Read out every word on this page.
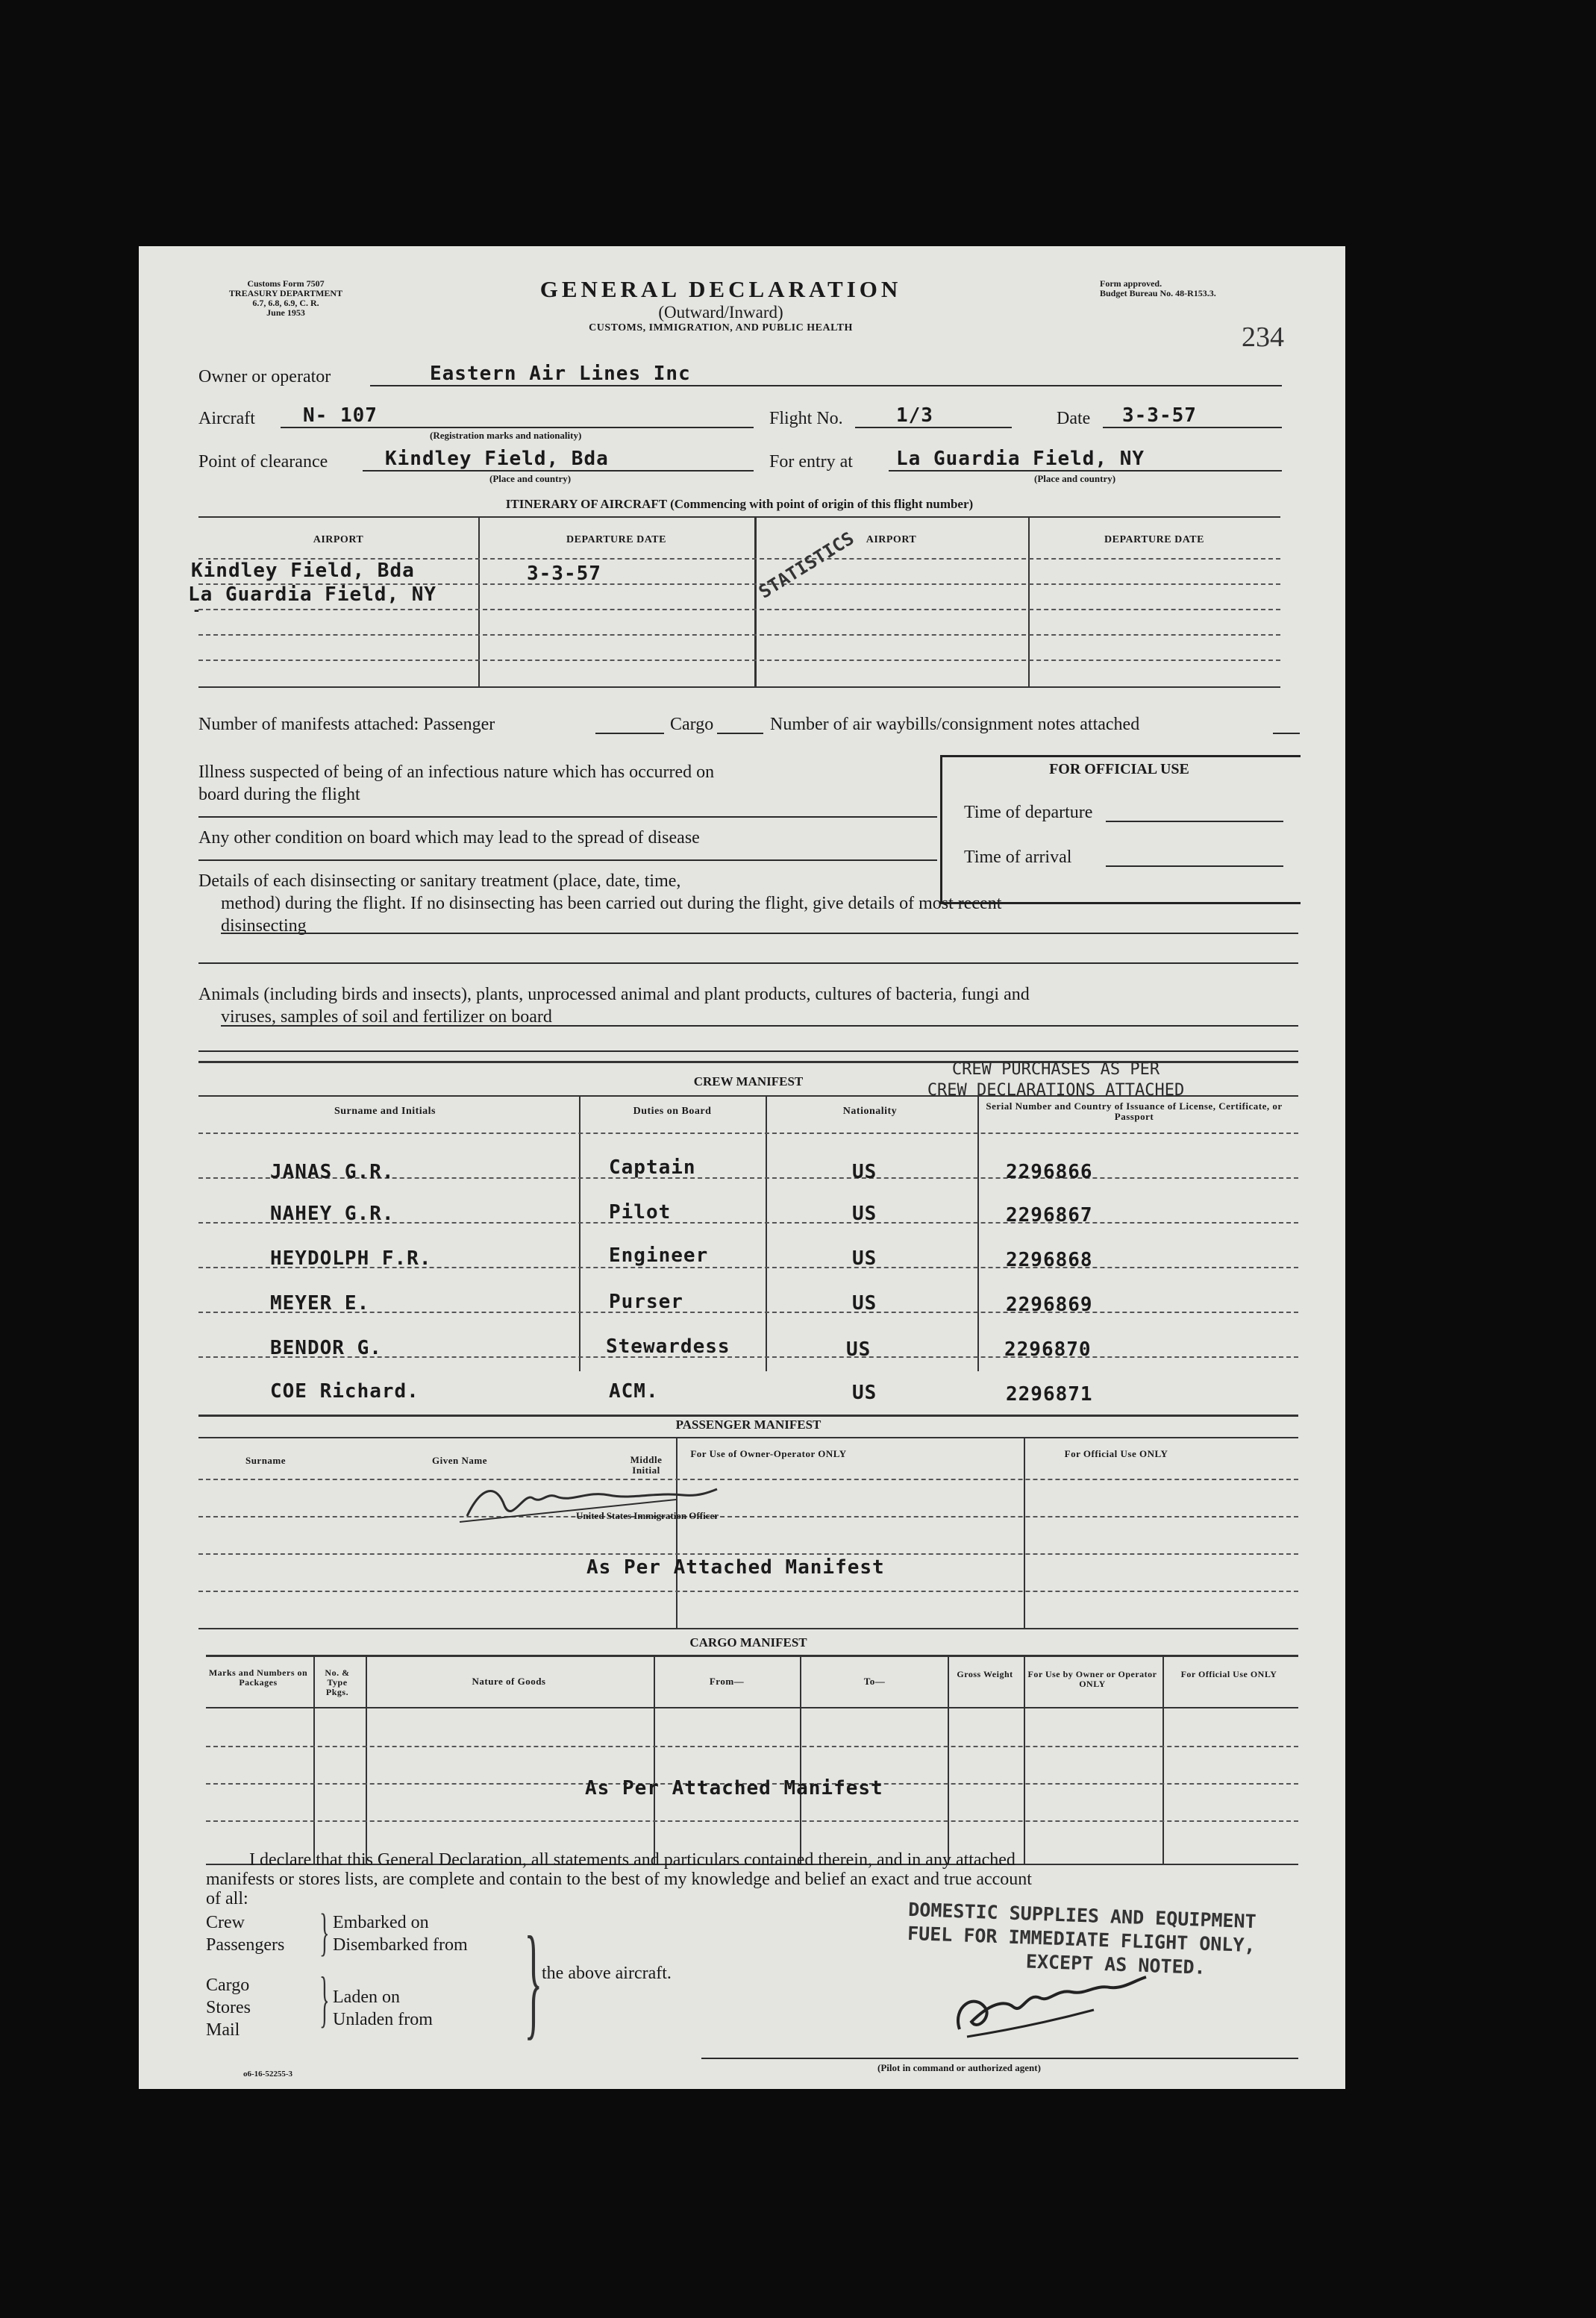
Customs Form 7507
TREASURY DEPARTMENT
6.7, 6.8, 6.9, C. R.
June 1953
GENERAL DECLARATION
(Outward/Inward)
CUSTOMS, IMMIGRATION, AND PUBLIC HEALTH
Form approved.
Budget Bureau No. 48-R153.3.
234
Owner or operator	Eastern Air Lines Inc
Aircraft N- 107
(Registration marks and nationality)
Flight No.	1/3	Date 3-3-57
Point of clearance	Kindley Field, Bda
(Place and country)
For entry at La Guardia Field, NY
(Place and country)
ITINERARY OF AIRCRAFT (Commencing with point of origin of this flight number)
AIRPORT	DEPARTURE DATE	AIRPORT	DEPARTURE DATE
Kindley Field, Bda	3-3-57
La Guardia Field, NY
-
STATISTICS
Number of manifests attached: Passenger	Cargo	Number of air waybills/consignment notes attached
FOR OFFICIAL USE
Time of departure
Time of arrival
Illness suspected of being of an infectious nature which has occurred on
board during the flight
Any other condition on board which may lead to the spread of disease
Details of each disinsecting or sanitary treatment (place, date, time,
method) during the flight. If no disinsecting has been carried out during the flight, give details of most recent
disinsecting
Animals (including birds and insects), plants, unprocessed animal and plant products, cultures of bacteria, fungi and
viruses, samples of soil and fertilizer on board
CREW MANIFEST
CREW PURCHASES AS PER
CREW DECLARATIONS ATTACHED
Surname and Initials	Duties on Board	Nationality	Serial Number and Country of Issuance of License, Certificate, or Passport
JANAS G.R.	Captain	US	2296866
NAHEY G.R.	Pilot	US	2296867
HEYDOLPH F.R.	Engineer	US	2296868
MEYER E.	Purser	US	2296869
BENDOR G.	Stewardess	US	2296870
COE Richard.	ACM.	US	2296871
PASSENGER MANIFEST
Surname	Given Name	Middle Initial
For Use of Owner-Operator ONLY	For Official Use ONLY
As Per Attached Manifest
United States Immigration Officer
CARGO MANIFEST
Marks and Numbers on Packages
No. & Type Pkgs.
Nature of Goods	From—	To—
Gross Weight	For Use by Owner or Operator ONLY
For Official Use ONLY
As Per Attached Manifest
I declare that this General Declaration, all statements and particulars contained therein, and in any attached
manifests or stores lists, are complete and contain to the best of my knowledge and belief an exact and true account
of all:
Crew
Passengers } Embarked on
Disembarked from
Cargo
Stores
Mail } Laden on
Unladen from }
the above aircraft.
DOMESTIC SUPPLIES AND EQUIPMENT
FUEL FOR IMMEDIATE FLIGHT ONLY,
EXCEPT AS NOTED.
(Pilot in command or authorized agent)
o6-16-52255-3
